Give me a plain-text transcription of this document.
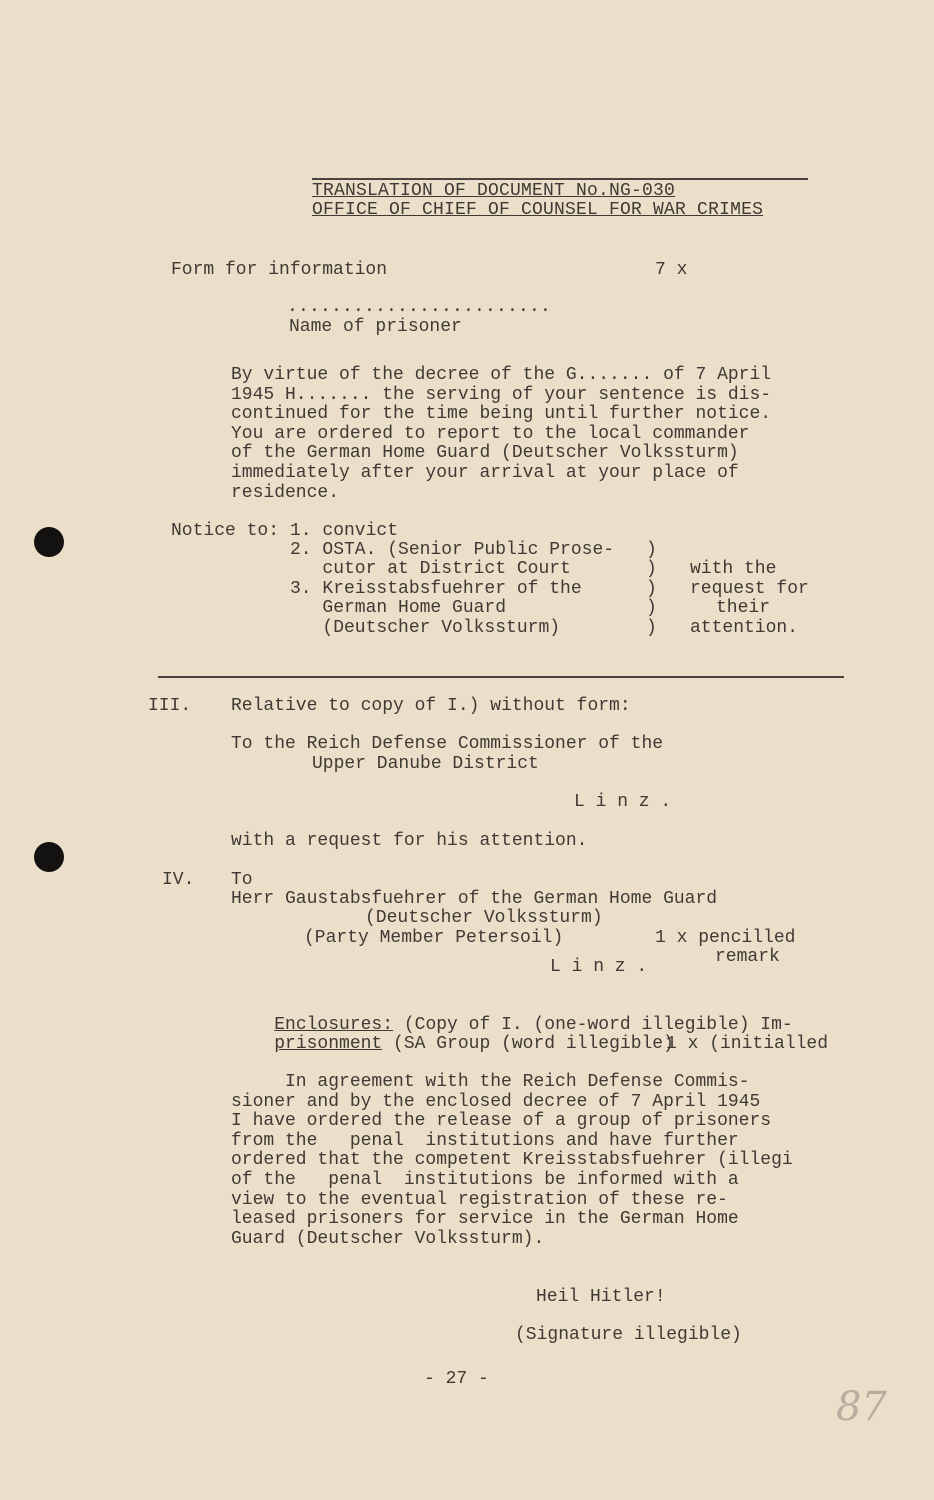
TRANSLATION OF DOCUMENT No.NG-030
OFFICE OF CHIEF OF COUNSEL FOR WAR CRIMES
Form for information	7 x
........................
Name of prisoner
By virtue of the decree of the G....... of 7 April
1945 H....... the serving of your sentence is dis-
continued for the time being until further notice.
You are ordered to report to the local commander
of the German Home Guard (Deutscher Volkssturm)
immediately after your arrival at your place of
residence.
Notice to: 1. convict
2. OSTA. (Senior Public Prose-
cutor at District Court
3. Kreisstabsfuehrer of the
German Home Guard
(Deutscher Volkssturm)
)
)
)
)
)
with the
request for
their
attention.
III. Relative to copy of I.) without form:
To the Reich Defense Commissioner of the
Upper Danube District
L i n z .
with a request for his attention.
IV. To
Herr Gaustabsfuehrer of the German Home Guard
(Deutscher Volkssturm)
(Party Member Petersoil)	1 x pencilled
remark
L i n z .

Enclosures: (Copy of I. (one-word illegible) Im-

prisonment (SA Group (word illegible)

1 x (initialled
In agreement with the Reich Defense Commis-
sioner and by the enclosed decree of 7 April 1945
I have ordered the release of a group of prisoners
from the   penal  institutions and have further
ordered that the competent Kreisstabsfuehrer (illegi
of the   penal  institutions be informed with a
view to the eventual registration of these re-
leased prisoners for service in the German Home
Guard (Deutscher Volkssturm).
Heil Hitler!
(Signature illegible)
- 27 -
87
